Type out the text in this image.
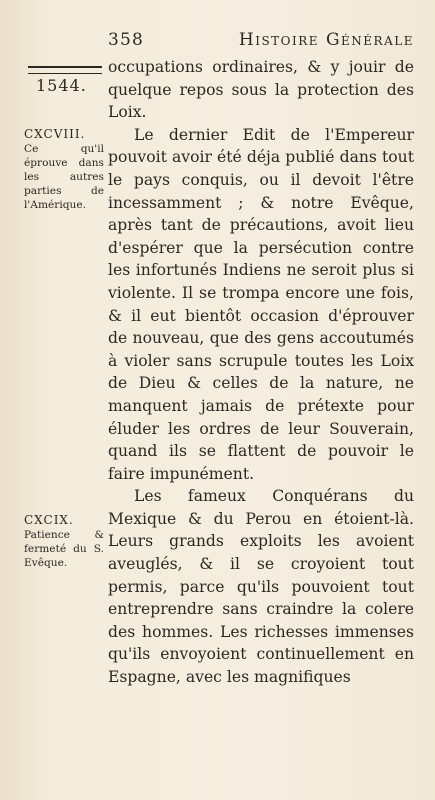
358	Histoire Générale
1544.
CXCVIII.
Ce qu'il éprouve dans les autres parties de l'Amérique.
CXCIX.
Patience & fermeté du S. Evêque.

occupations ordinaires, & y jouir de quelque repos sous la protection des Loix.

Le dernier Edit de l'Empereur pouvoit avoir été déja publié dans tout le pays conquis, ou il devoit l'être incessamment ; & notre Evêque, après tant de précautions, avoit lieu d'espérer que la persécution contre les infortunés Indiens ne seroit plus si violente. Il se trompa encore une fois, & il eut bientôt occasion d'éprouver de nouveau, que des gens accoutumés à violer sans scrupule toutes les Loix de Dieu & celles de la nature, ne manquent jamais de prétexte pour éluder les ordres de leur Souverain, quand ils se flattent de pouvoir le faire impunément.

Les fameux Conquérans du Mexique & du Perou en étoient-là. Leurs grands exploits les avoient aveuglés, & il se croyoient tout permis, parce qu'ils pouvoient tout entreprendre sans craindre la colere des hommes. Les richesses immenses qu'ils envoyoient continuellement en Espagne, avec les magnifiques
